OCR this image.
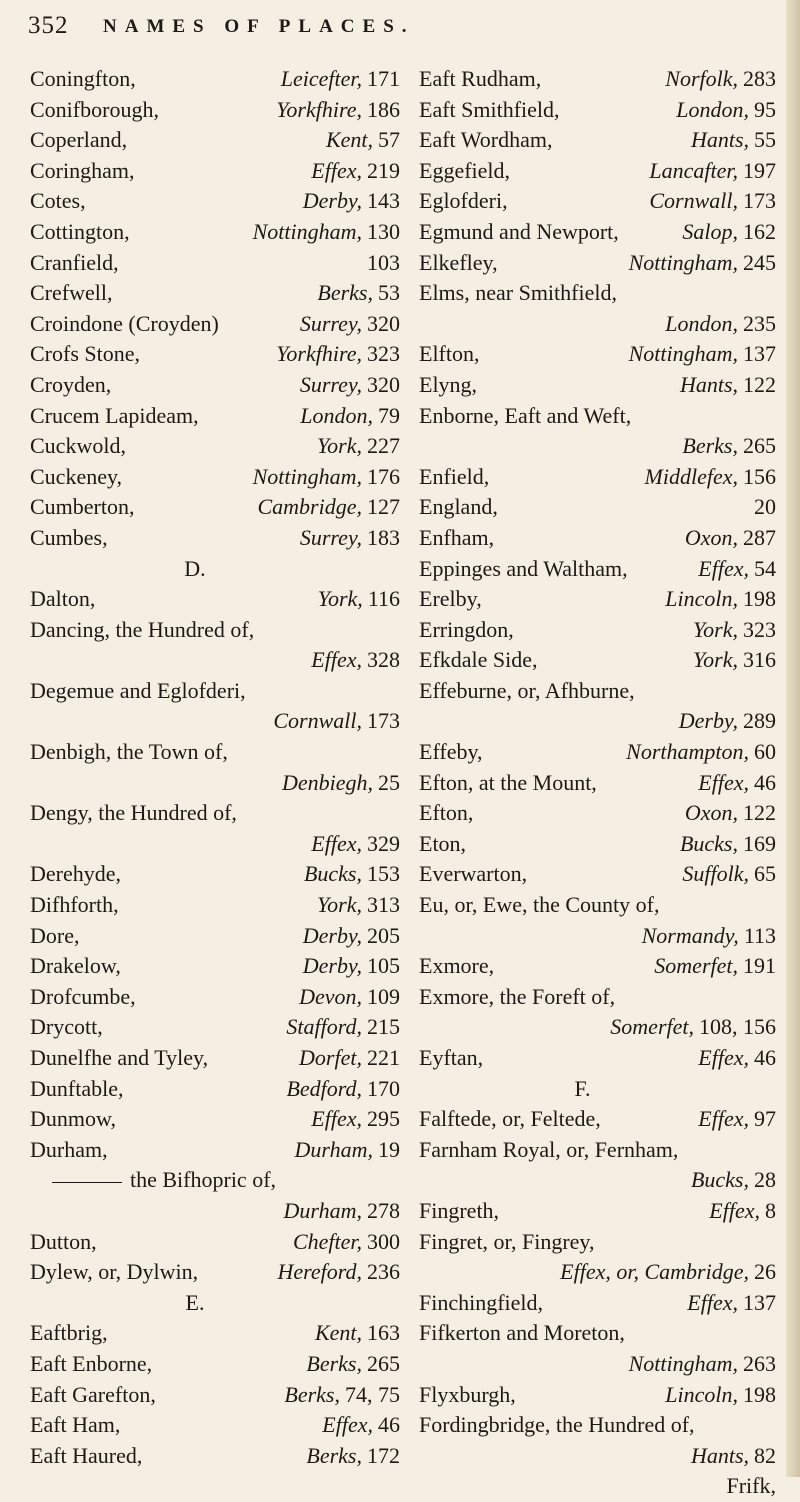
352 NAMES OF PLACES.
Coningfton,	Leicefter, 171
Conifborough,	Yorkfhire, 186
Coperland,	Kent, 57
Coringham,	Effex, 219
Cotes,	Derby, 143
Cottington,	Nottingham, 130
Cranfield,	103
Crefwell,	Berks, 53
Croindone (Croyden)	Surrey, 320
Crofs Stone,	Yorkfhire, 323
Croyden,	Surrey, 320
Crucem Lapideam,	London, 79
Cuckwold,	York, 227
Cuckeney,	Nottingham, 176
Cumberton,	Cambridge, 127
Cumbes,	Surrey, 183
D.
Dalton,	York, 116
Dancing, the Hundred of,
Effex, 328
Degemue and Eglofderi,
Cornwall, 173
Denbigh, the Town of,
Denbiegh, 25
Dengy, the Hundred of,
Effex, 329
Derehyde,	Bucks, 153
Difhforth,	York, 313
Dore,	Derby, 205
Drakelow,	Derby, 105
Drofcumbe,	Devon, 109
Drycott,	Stafford, 215
Dunelfhe and Tyley,	Dorfet, 221
Dunftable,	Bedford, 170
Dunmow,	Effex, 295
Durham,	Durham, 19
the Bifhopric of,
Durham, 278
Dutton,	Chefter, 300
Dylew, or, Dylwin,	Hereford, 236
E.
Eaftbrig,	Kent, 163
Eaft Enborne,	Berks, 265
Eaft Garefton,	Berks, 74, 75
Eaft Ham,	Effex, 46
Eaft Haured,	Berks, 172
Eaft Rudham,	Norfolk, 283
Eaft Smithfield,	London, 95
Eaft Wordham,	Hants, 55
Eggefield,	Lancafter, 197
Eglofderi,	Cornwall, 173
Egmund and Newport,	Salop, 162
Elkefley,	Nottingham, 245
Elms, near Smithfield,
London, 235
Elfton,	Nottingham, 137
Elyng,	Hants, 122
Enborne, Eaft and Weft,
Berks, 265
Enfield,	Middlefex, 156
England,	20
Enfham,	Oxon, 287
Eppinges and Waltham,	Effex, 54
Erelby,	Lincoln, 198
Erringdon,	York, 323
Efkdale Side,	York, 316
Effeburne, or, Afhburne,
Derby, 289
Effeby,	Northampton, 60
Efton, at the Mount,	Effex, 46
Efton,	Oxon, 122
Eton,	Bucks, 169
Everwarton,	Suffolk, 65
Eu, or, Ewe, the County of,
Normandy, 113
Exmore,	Somerfet, 191
Exmore, the Foreft of,
Somerfet, 108, 156
Eyftan,	Effex, 46
F.
Falftede, or, Feltede,	Effex, 97
Farnham Royal, or, Fernham,
Bucks, 28
Fingreth,	Effex, 8
Fingret, or, Fingrey,
Effex, or, Cambridge, 26
Finchingfield,	Effex, 137
Fifkerton and Moreton,
Nottingham, 263
Flyxburgh,	Lincoln, 198
Fordingbridge, the Hundred of,
Hants, 82
Frifk,
